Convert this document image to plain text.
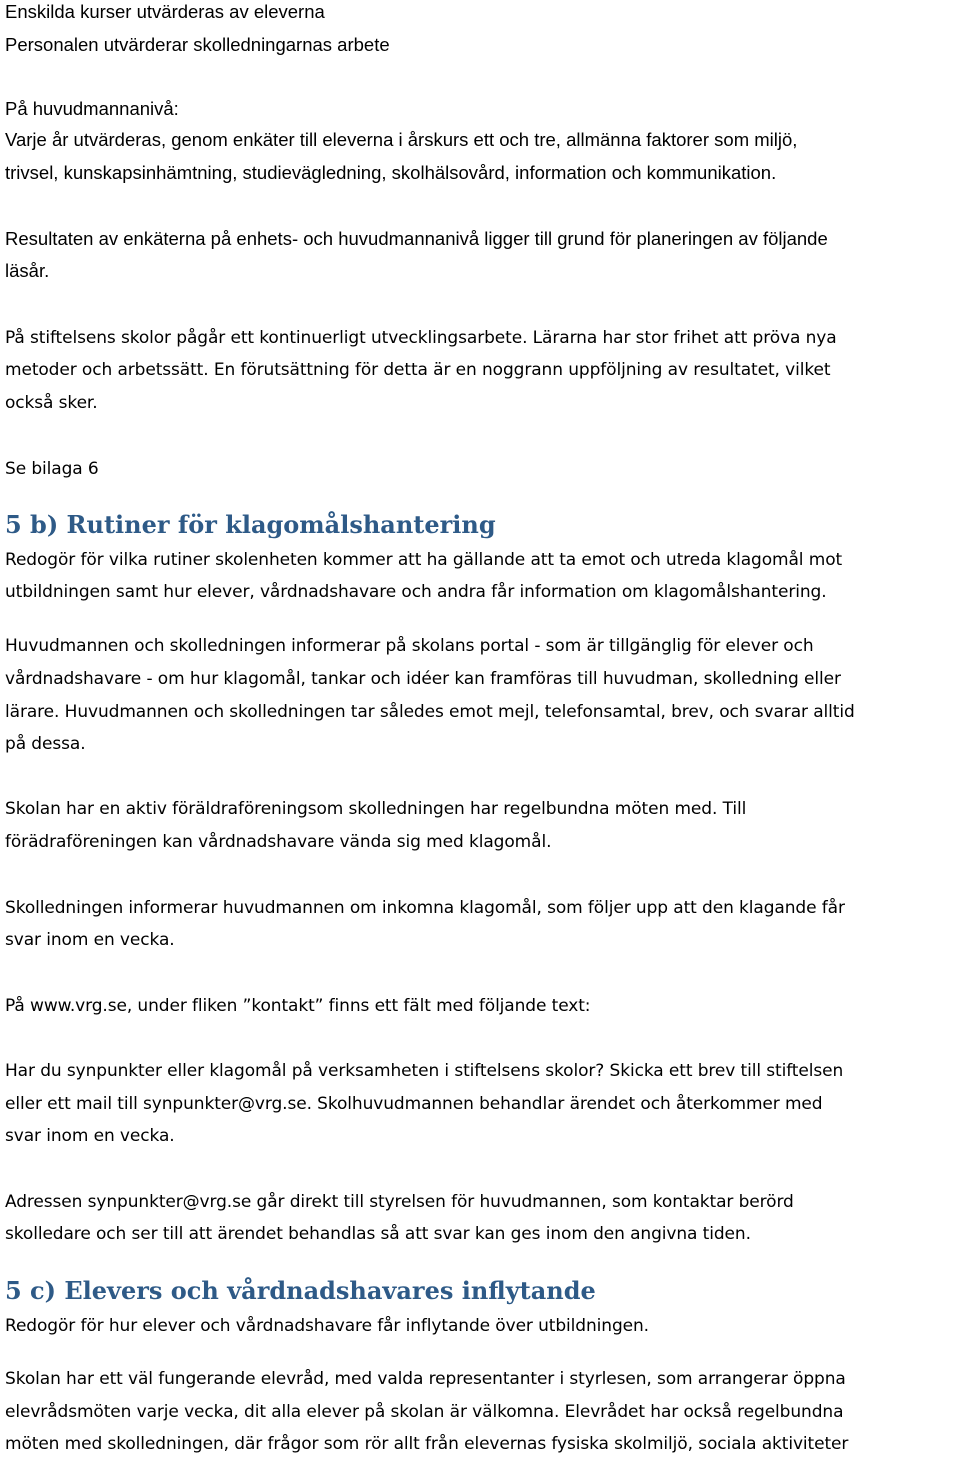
Enskilda kurser utvärderas av eleverna
Personalen utvärderar skolledningarnas arbete
På huvudmannanivå:
Varje år utvärderas, genom enkäter till eleverna i årskurs ett och tre, allmänna faktorer som miljö,
trivsel, kunskapsinhämtning, studievägledning, skolhälsovård, information och kommunikation.
Resultaten av enkäterna på enhets- och huvudmannanivå ligger till grund för planeringen av följande
läsår.
På stiftelsens skolor pågår ett kontinuerligt utvecklingsarbete. Lärarna har stor frihet att pröva nya
metoder och arbetssätt. En förutsättning för detta är en noggrann uppföljning av resultatet, vilket
också sker.
Se bilaga 6
5 b) Rutiner för klagomålshantering
Redogör för vilka rutiner skolenheten kommer att ha gällande att ta emot och utreda klagomål mot
utbildningen samt hur elever, vårdnadshavare och andra får information om klagomålshantering.
Huvudmannen och skolledningen informerar på skolans portal - som är tillgänglig för elever och
vårdnadshavare - om hur klagomål, tankar och idéer kan framföras till huvudman, skolledning eller
lärare. Huvudmannen och skolledningen tar således emot mejl, telefonsamtal, brev, och svarar alltid
på dessa.
Skolan har en aktiv föräldraföreningsom skolledningen har regelbundna möten med. Till
förädraföreningen kan vårdnadshavare vända sig med klagomål.
Skolledningen informerar huvudmannen om inkomna klagomål, som följer upp att den klagande får
svar inom en vecka.
På www.vrg.se, under fliken ”kontakt” finns ett fält med följande text:
Har du synpunkter eller klagomål på verksamheten i stiftelsens skolor? Skicka ett brev till stiftelsen
eller ett mail till synpunkter@vrg.se. Skolhuvudmannen behandlar ärendet och återkommer med
svar inom en vecka.
Adressen synpunkter@vrg.se går direkt till styrelsen för huvudmannen, som kontaktar berörd
skolledare och ser till att ärendet behandlas så att svar kan ges inom den angivna tiden.
5 c) Elevers och vårdnadshavares inflytande
Redogör för hur elever och vårdnadshavare får inflytande över utbildningen.
Skolan har ett väl fungerande elevråd, med valda representanter i styrlesen, som arrangerar öppna
elevrådsmöten varje vecka, dit alla elever på skolan är välkomna. Elevrådet har också regelbundna
möten med skolledningen, där frågor som rör allt från elevernas fysiska skolmiljö, sociala aktiviteter
